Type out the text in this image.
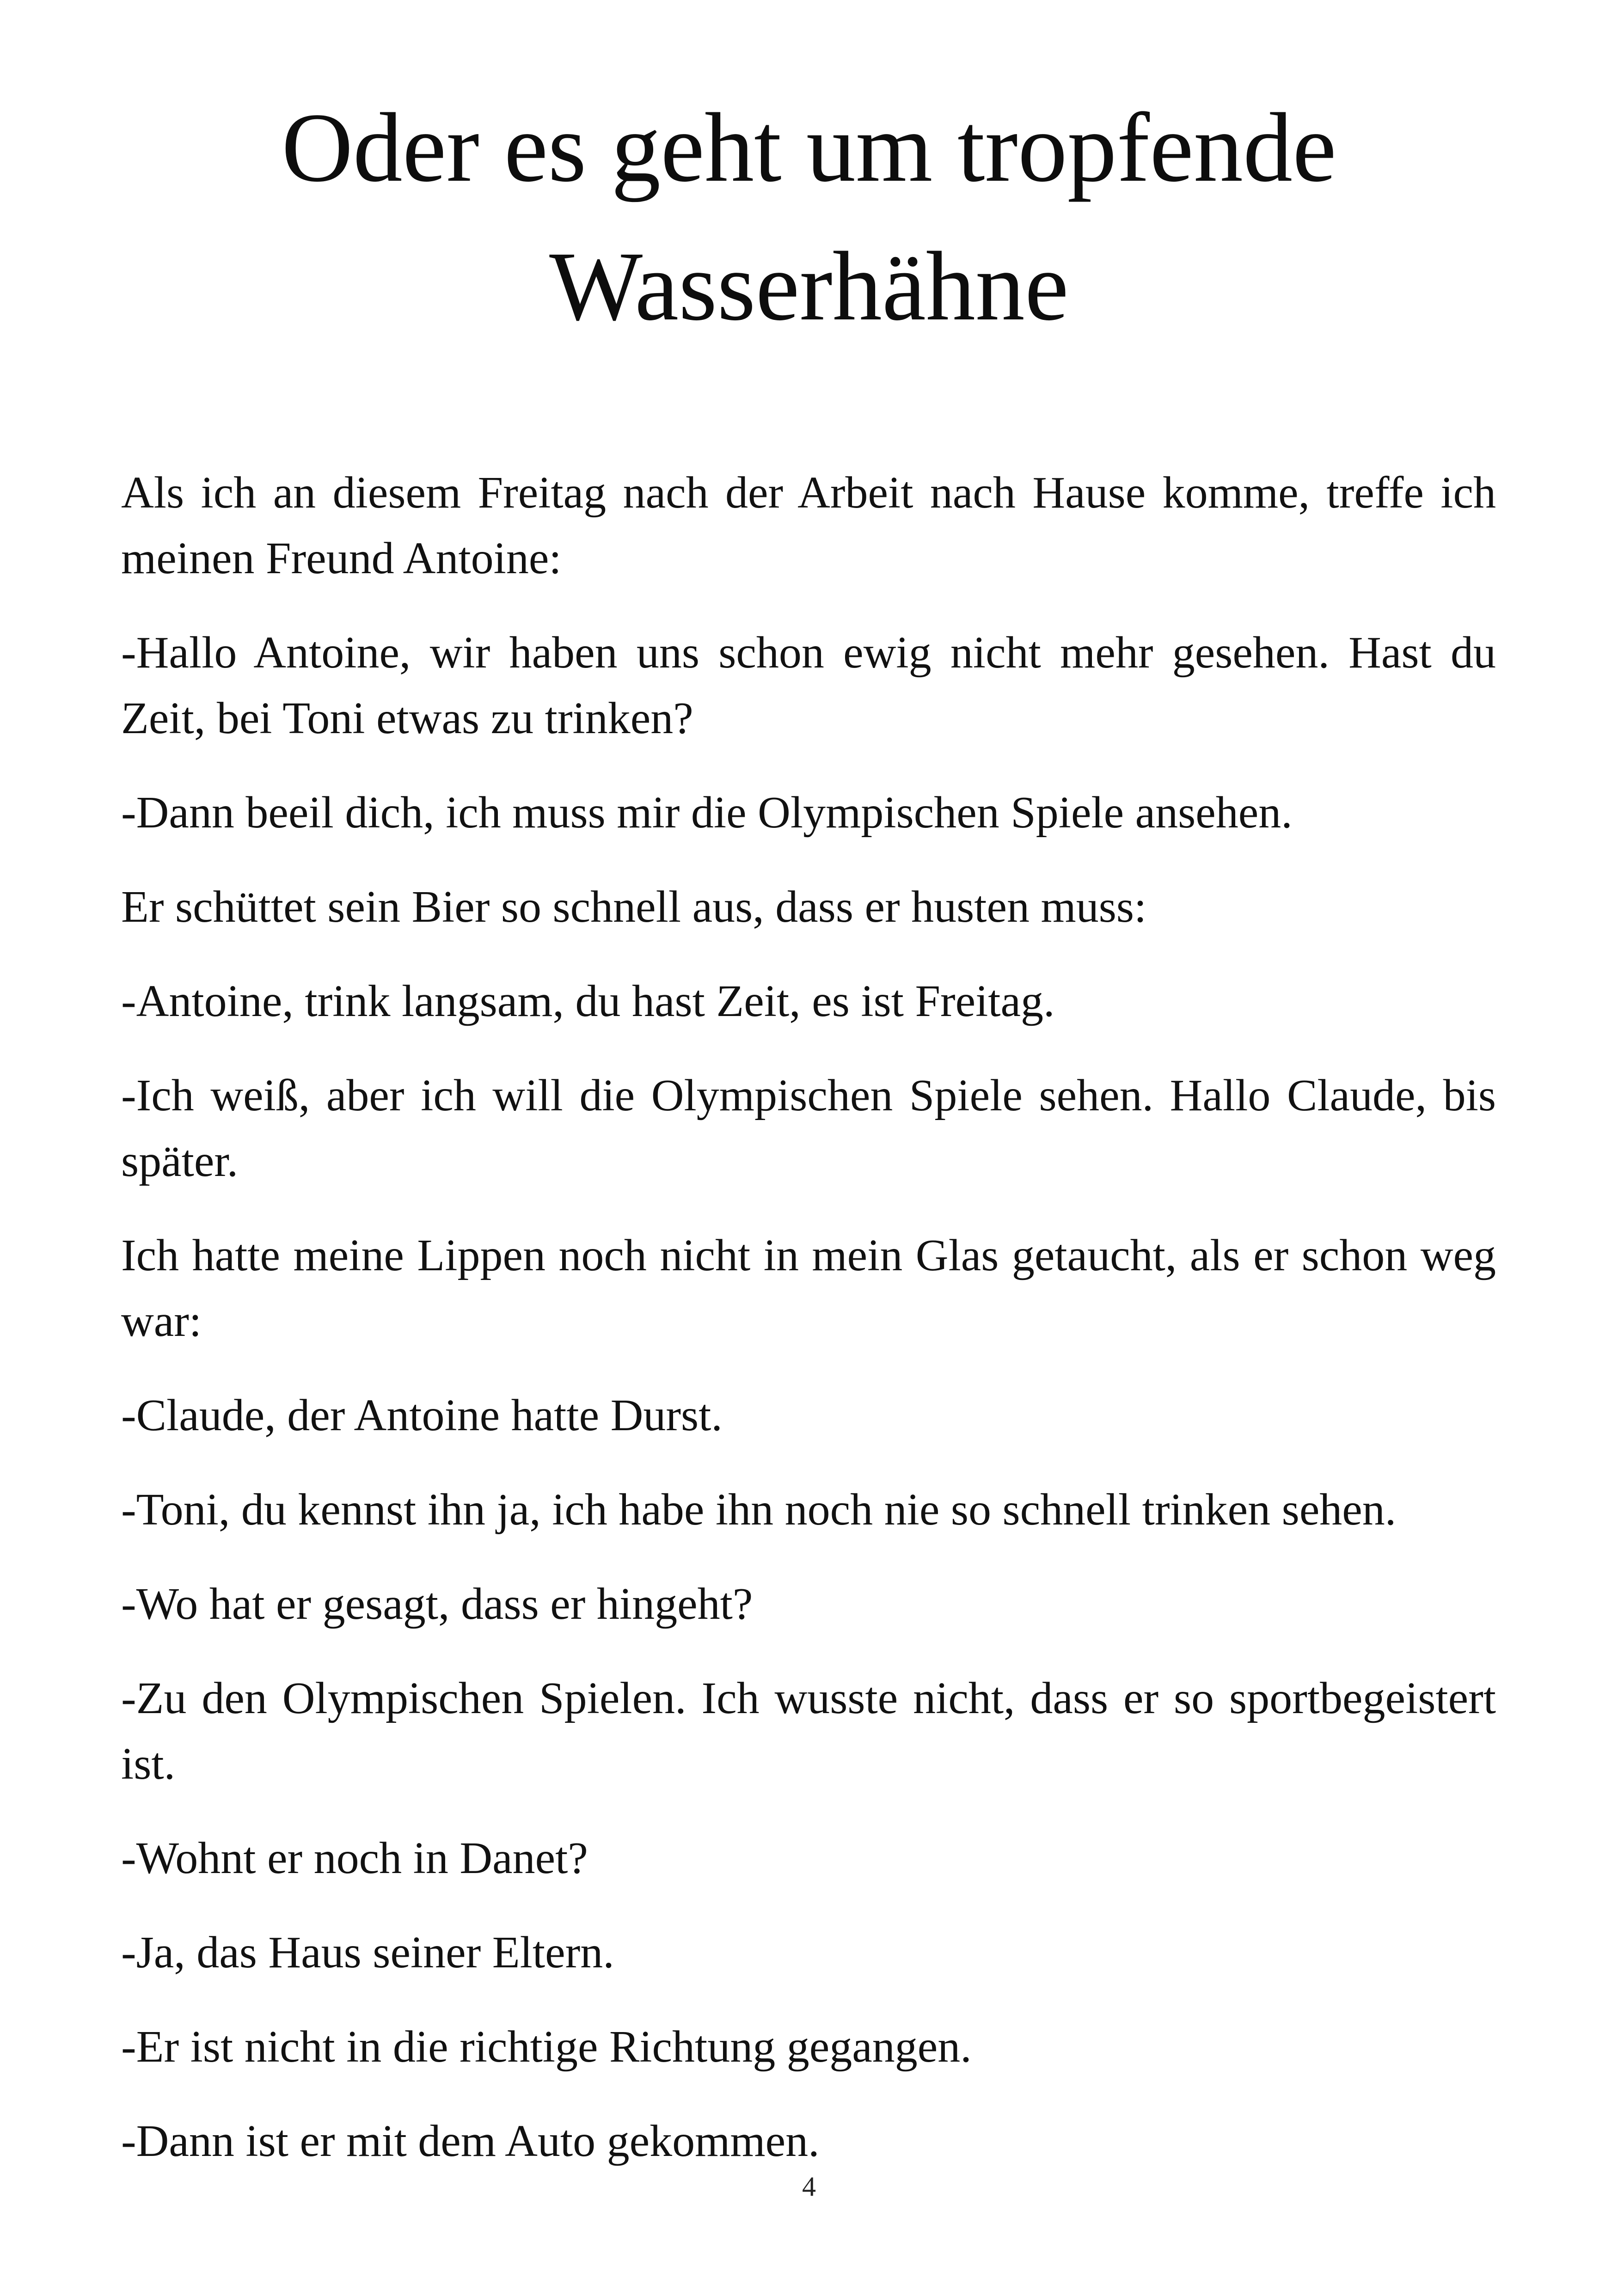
Oder es geht um tropfende
Wasserhähne

Als ich an diesem Freitag nach der Arbeit nach Hause komme, treffe ich meinen Freund Antoine:

-Hallo Antoine, wir haben uns schon ewig nicht mehr gesehen. Hast du Zeit, bei Toni etwas zu trinken?

-Dann beeil dich, ich muss mir die Olympischen Spiele ansehen.

Er schüttet sein Bier so schnell aus, dass er husten muss:

-Antoine, trink langsam, du hast Zeit, es ist Freitag.

-Ich weiß, aber ich will die Olympischen Spiele sehen. Hallo Claude, bis später.

Ich hatte meine Lippen noch nicht in mein Glas getaucht, als er schon weg war:

-Claude, der Antoine hatte Durst.

-Toni, du kennst ihn ja, ich habe ihn noch nie so schnell trinken sehen.

-Wo hat er gesagt, dass er hingeht?

-Zu den Olympischen Spielen. Ich wusste nicht, dass er so sportbegeistert ist.

-Wohnt er noch in Danet?

-Ja, das Haus seiner Eltern.

-Er ist nicht in die richtige Richtung gegangen.

-Dann ist er mit dem Auto gekommen.

4
